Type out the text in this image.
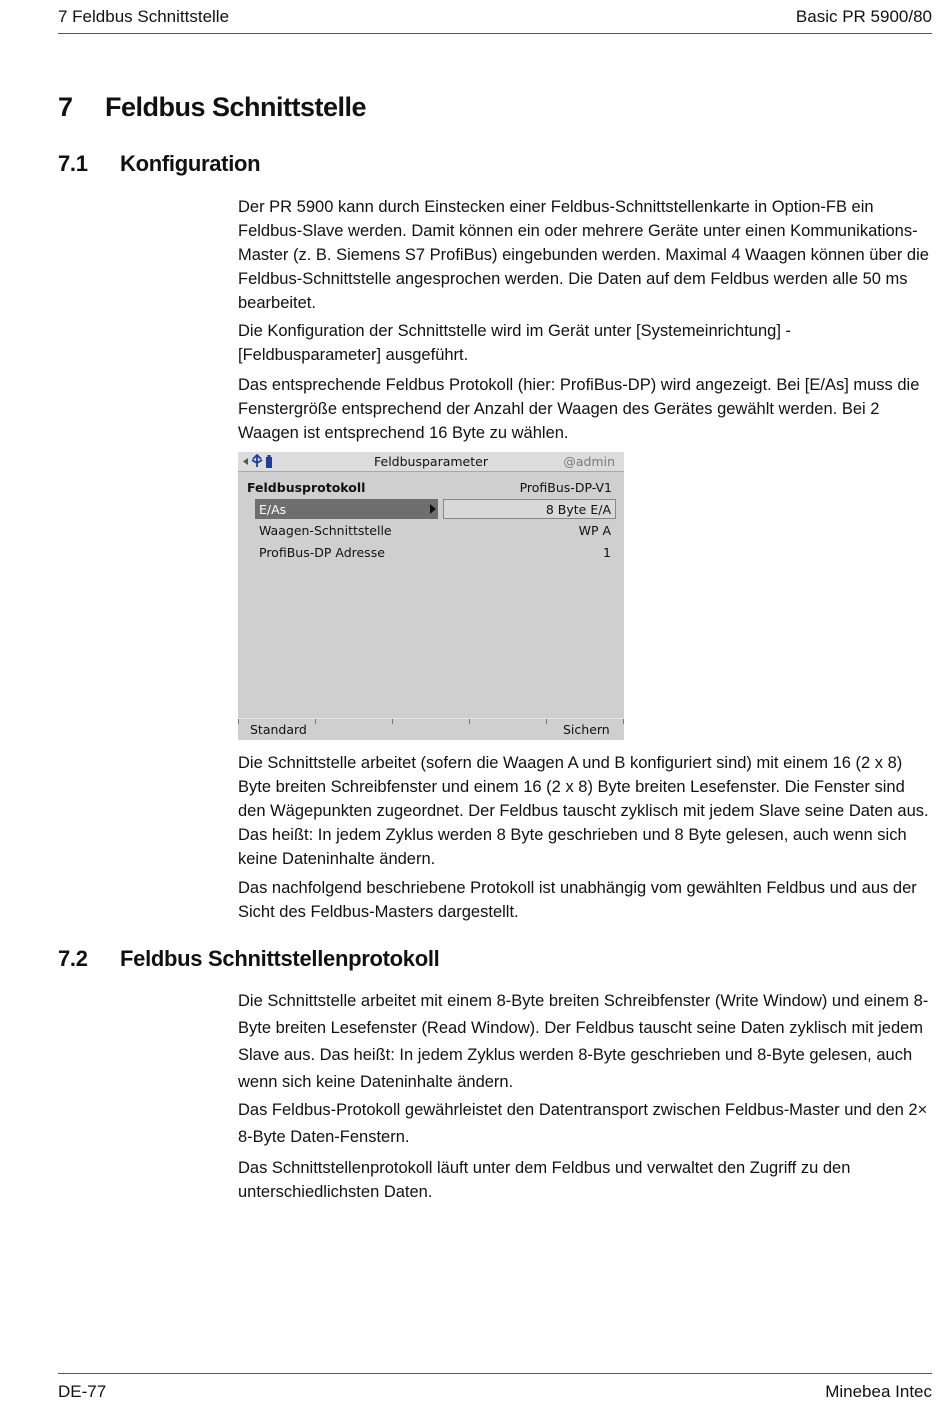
7 Feldbus Schnittstelle	Basic PR 5900/80
7 Feldbus Schnittstelle
7.1 Konfiguration

Der PR 5900 kann durch Einstecken einer Feldbus-Schnittstellenkarte in Option-FB ein Feldbus-Slave werden. Damit können ein oder mehrere Geräte unter einen Kommunikations-Master (z. B. Siemens S7 ProfiBus) eingebunden werden. Maximal 4 Waagen können über die Feldbus-Schnittstelle angesprochen werden. Die Daten auf dem Feldbus werden alle 50 ms bearbeitet.

Die Konfiguration der Schnittstelle wird im Gerät unter [Systemeinrichtung] - [Feldbusparameter] ausgeführt.

Das entsprechende Feldbus Protokoll (hier: ProfiBus-DP) wird angezeigt. Bei [E/As] muss die Fenstergröße entsprechend der Anzahl der Waagen des Gerätes gewählt werden. Bei 2 Waagen ist entsprechend 16 Byte zu wählen.

Feldbusparameter	@admin
Feldbusprotokoll	ProfiBus-DP-V1
E/As	8 Byte E/A
Waagen-Schnittstelle	WP A
ProfiBus-DP Adresse	1
Standard	Sichern

Die Schnittstelle arbeitet (sofern die Waagen A und B konfiguriert sind) mit einem 16 (2 x 8) Byte breiten Schreibfenster und einem 16 (2 x 8) Byte breiten Lesefenster. Die Fenster sind den Wägepunkten zugeordnet. Der Feldbus tauscht zyklisch mit jedem Slave seine Daten aus. Das heißt: In jedem Zyklus werden 8 Byte geschrieben und 8 Byte gelesen, auch wenn sich keine Dateninhalte ändern.

Das nachfolgend beschriebene Protokoll ist unabhängig vom gewählten Feldbus und aus der Sicht des Feldbus-Masters dargestellt.

7.2 Feldbus Schnittstellenprotokoll

Die Schnittstelle arbeitet mit einem 8-Byte breiten Schreibfenster (Write Window) und einem 8-Byte breiten Lesefenster (Read Window). Der Feldbus tauscht seine Daten zyklisch mit jedem Slave aus. Das heißt: In jedem Zyklus werden 8-Byte geschrieben und 8-Byte gelesen, auch wenn sich keine Dateninhalte ändern.

Das Feldbus-Protokoll gewährleistet den Datentransport zwischen Feldbus-Master und den 2× 8-Byte Daten-Fenstern.

Das Schnittstellenprotokoll läuft unter dem Feldbus und verwaltet den Zugriff zu den unterschiedlichsten Daten.

DE-77	Minebea Intec
